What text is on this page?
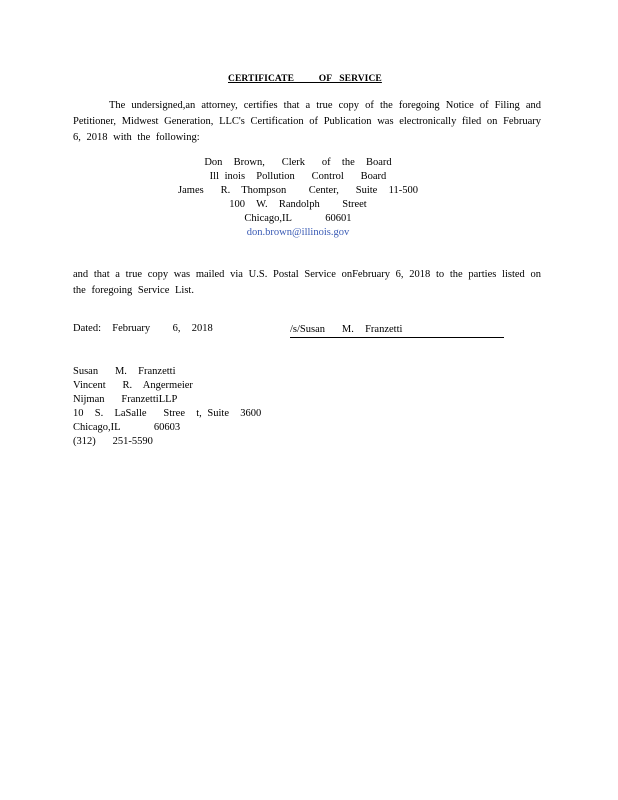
CERTIFICATE          OF   SERVICE
The undersigned,an attorney, certifies that a true copy of the foregoing Notice of Filing and Petitioner, Midwest Generation, LLC's Certification of Publication was electronically filed on February 6, 2018 with the following:
Don  Brown,   Clerk   of  the  Board
Ill inois  Pollution   Control   Board
James   R.  Thompson    Center,   Suite  11-500
100  W.  Randolph    Street
Chicago,IL      60601
don.brown@illinois.gov
and that a true copy was mailed via U.S. Postal Service onFebruary 6, 2018 to the parties listed on the foregoing Service List.
Dated:  February    6,  2018	/s/Susan   M.  Franzetti
Susan   M.  Franzetti
Vincent   R.  Angermeier
Nijman   FranzettiLLP
10  S.  LaSalle   Stree  t, Suite  3600
Chicago,IL      60603
(312)   251-5590
